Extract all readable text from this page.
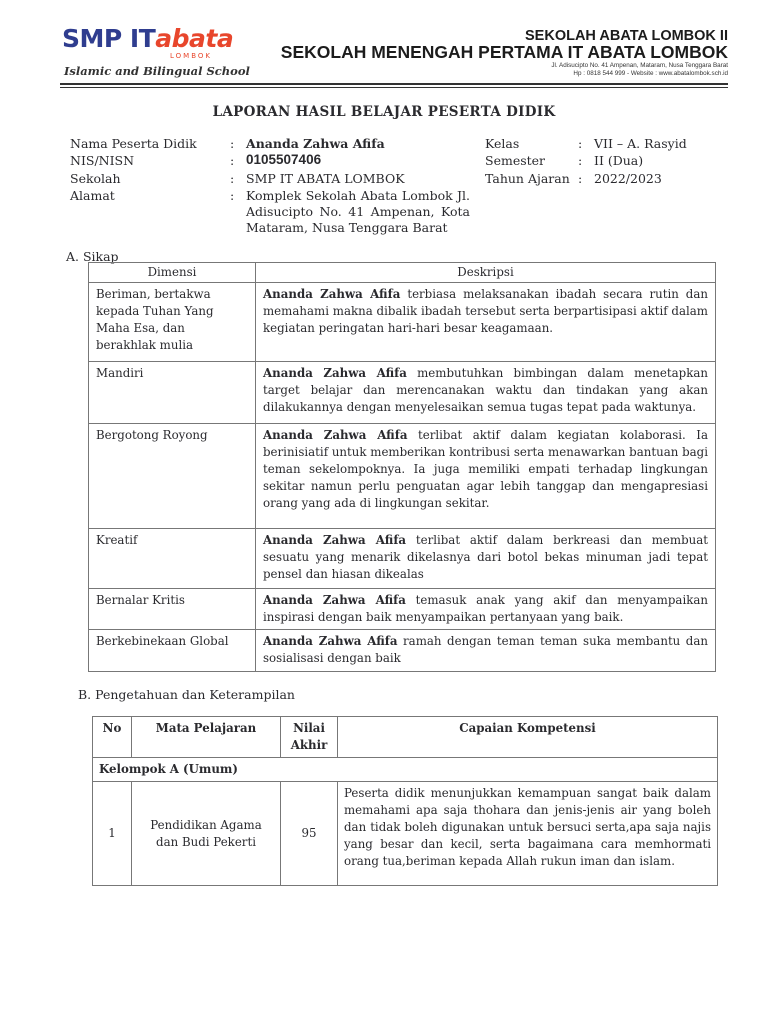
SMP ITabata
LOMBOK
Islamic and Bilingual School
SEKOLAH ABATA LOMBOK II
SEKOLAH MENENGAH PERTAMA IT ABATA LOMBOK
Jl. Adisucipto No. 41 Ampenan, Mataram, Nusa Tenggara Barat
Hp : 0818 544 999 - Website : www.abatalombok.sch.id
LAPORAN HASIL BELAJAR PESERTA DIDIK
Nama Peserta Didik	: Ananda Zahwa Afifa
NIS/NISN	: 0105507406
Sekolah	: SMP IT ABATA LOMBOK
Alamat	: Komplek Sekolah Abata Lombok Jl. Adisucipto No. 41 Ampenan, Kota Mataram, Nusa Tenggara Barat
Kelas	: VII – A. Rasyid
Semester	: II (Dua)
Tahun Ajaran : 2022/2023
A. Sikap
Dimensi	Deskripsi
Beriman, bertakwa kepada Tuhan Yang Maha Esa, dan berakhlak mulia	Ananda Zahwa Afifa terbiasa melaksanakan ibadah secara rutin dan memahami makna dibalik ibadah tersebut serta berpartisipasi aktif dalam kegiatan peringatan hari-hari besar keagamaan.
Mandiri	Ananda Zahwa Afifa membutuhkan bimbingan dalam menetapkan target belajar dan merencanakan waktu dan tindakan yang akan dilakukannya dengan menyelesaikan semua tugas tepat pada waktunya.
Bergotong Royong	Ananda Zahwa Afifa terlibat aktif dalam kegiatan kolaborasi. Ia berinisiatif untuk memberikan kontribusi serta menawarkan bantuan bagi teman sekelompoknya. Ia juga memiliki empati terhadap lingkungan sekitar namun perlu penguatan agar lebih tanggap dan mengapresiasi orang yang ada di lingkungan sekitar.
Kreatif	Ananda Zahwa Afifa terlibat aktif dalam berkreasi dan membuat sesuatu yang menarik dikelasnya dari botol bekas minuman jadi tepat pensel dan hiasan dikealas
Bernalar Kritis	Ananda Zahwa Afifa temasuk anak yang akif dan menyampaikan inspirasi dengan baik menyampaikan pertanyaan yang baik.
Berkebinekaan Global	Ananda Zahwa Afifa ramah dengan teman teman suka membantu dan sosialisasi dengan baik
B. Pengetahuan dan Keterampilan
No	Mata Pelajaran	Nilai Akhir	Capaian Kompetensi
Kelompok A (Umum)			
1	Pendidikan Agama dan Budi Pekerti	95	Peserta didik menunjukkan kemampuan sangat baik dalam memahami apa saja thohara dan jenis-jenis air yang boleh dan tidak boleh digunakan untuk bersuci serta,apa saja najis yang besar dan kecil, serta bagaimana cara memhormati orang tua,beriman kepada Allah rukun iman dan islam.
